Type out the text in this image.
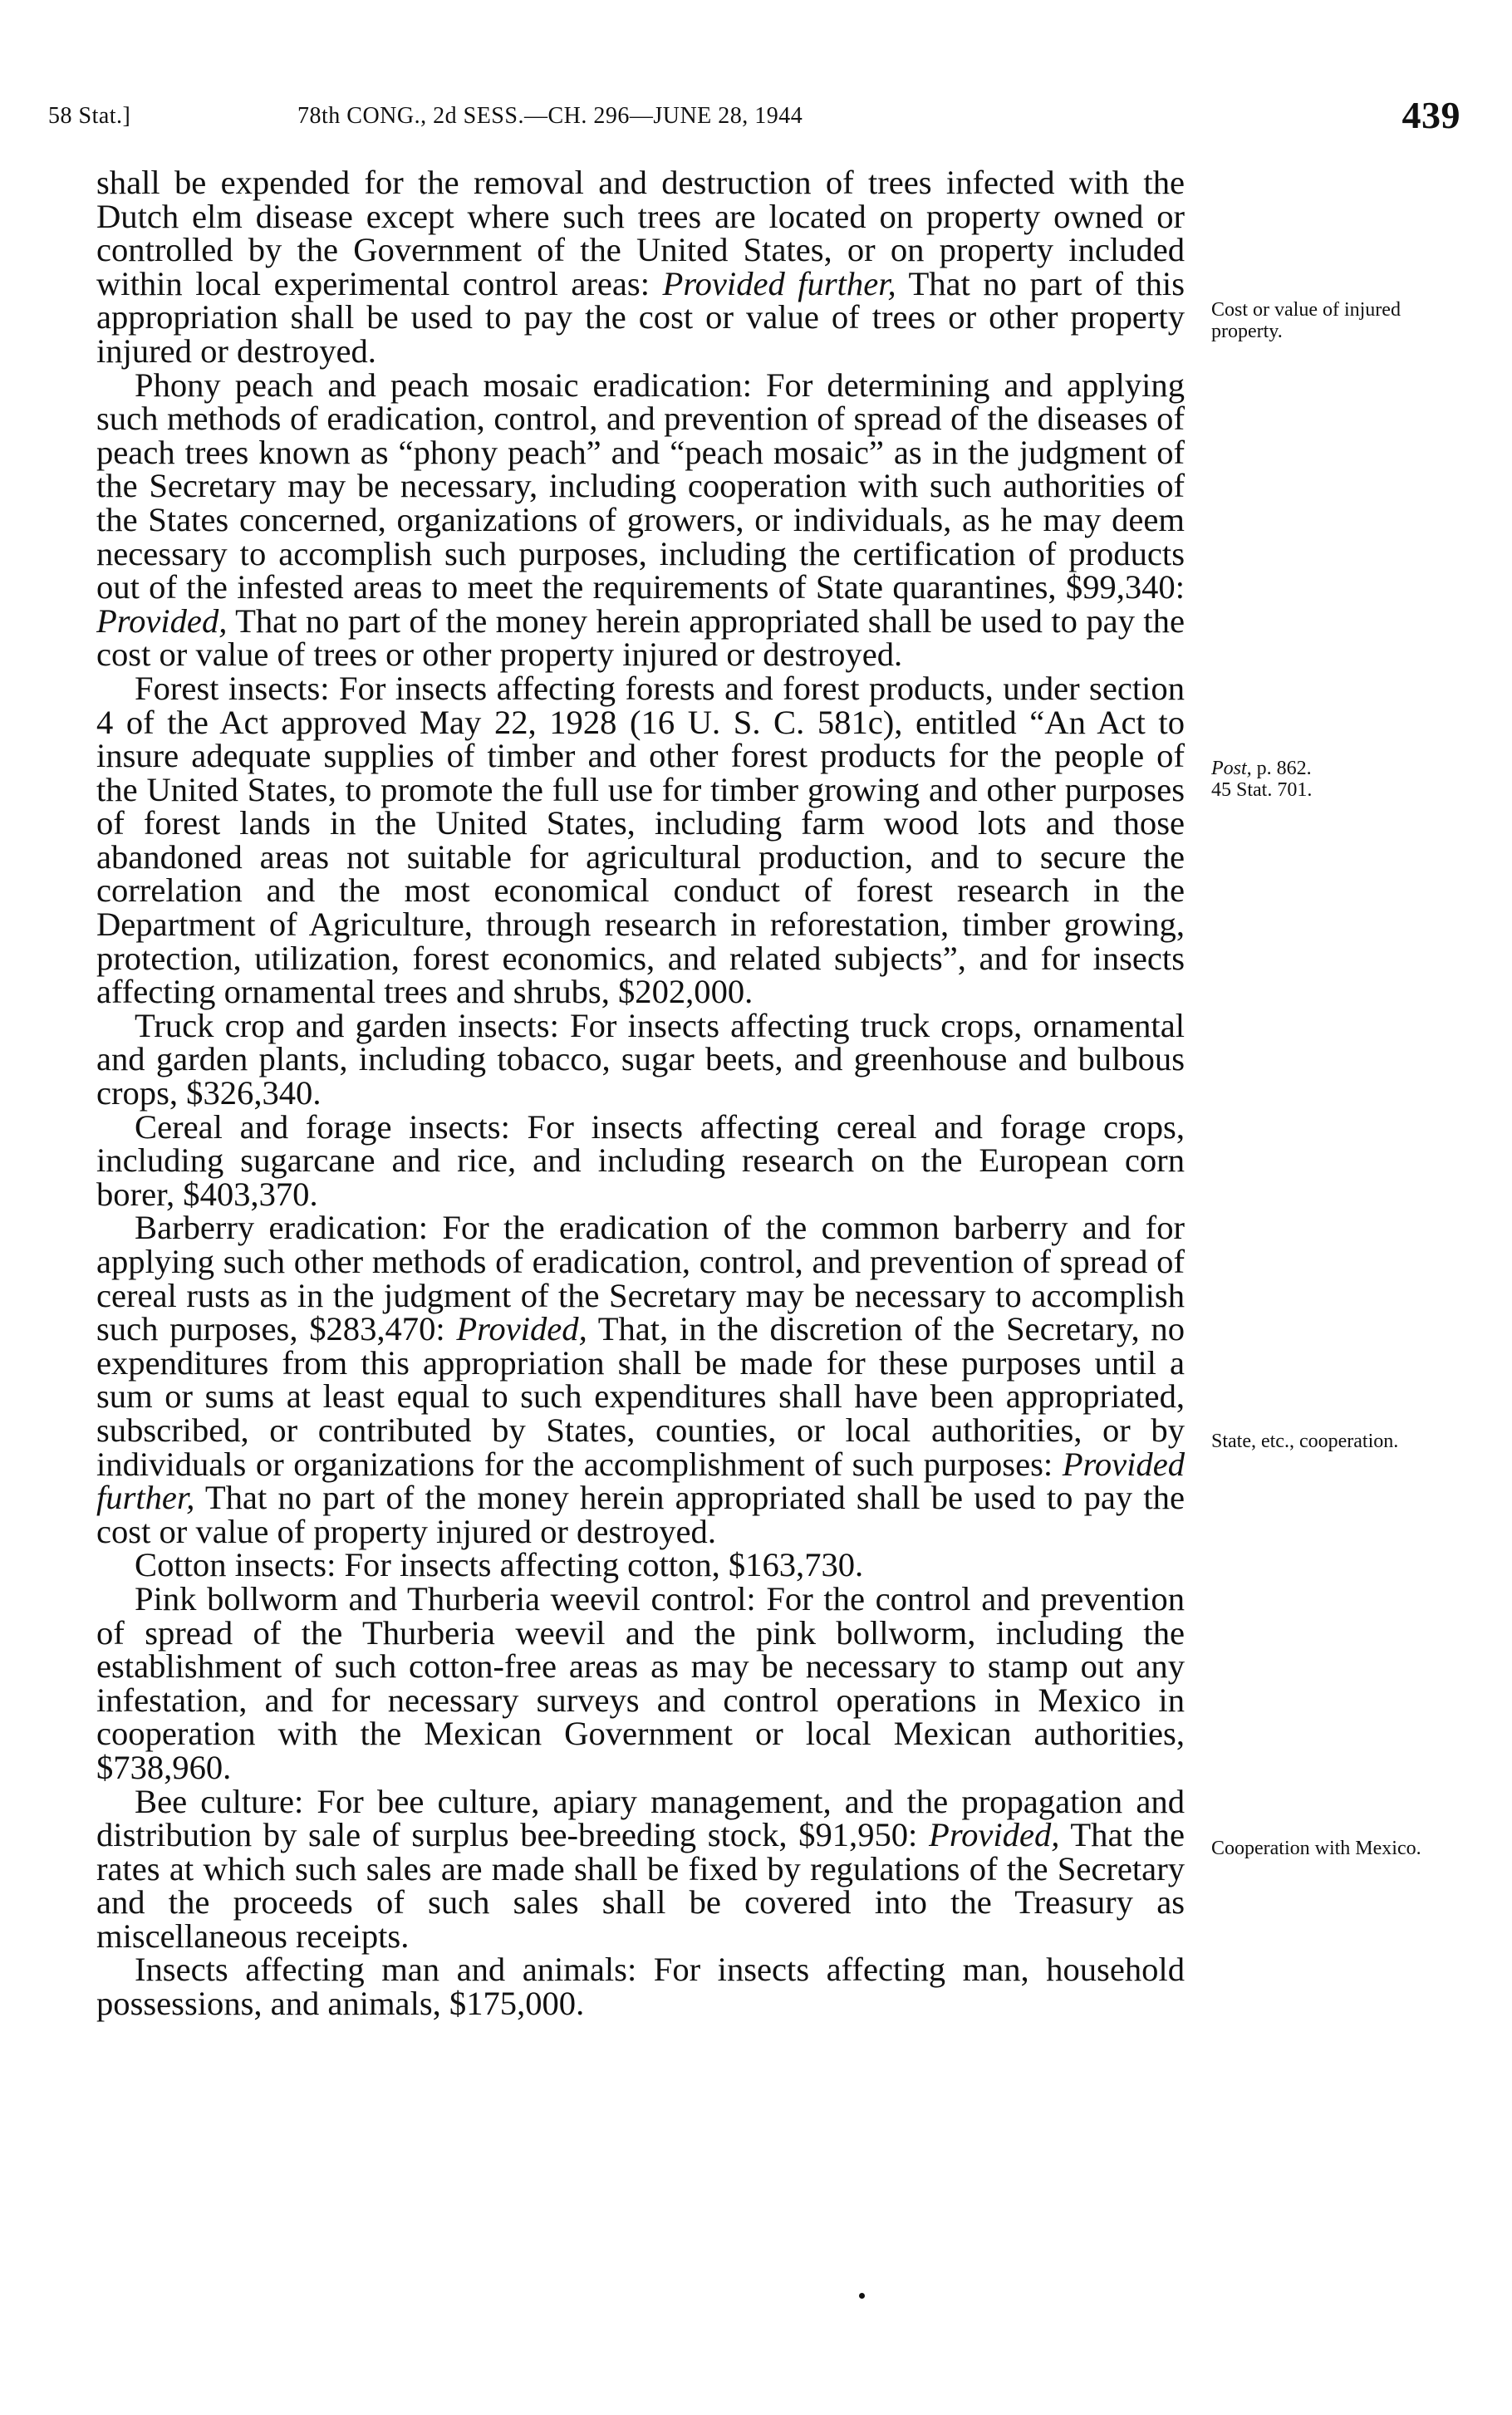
58 Stat.]	78th CONG., 2d SESS.—CH. 296—JUNE 28, 1944	439

shall be expended for the removal and destruction of trees infected with the Dutch elm disease except where such trees are located on property owned or controlled by the Government of the United States, or on property included within local experimental control areas: Provided further, That no part of this appropriation shall be used to pay the cost or value of trees or other property injured or destroyed.

Phony peach and peach mosaic eradication: For determining and applying such methods of eradication, control, and prevention of spread of the diseases of peach trees known as “phony peach” and “peach mosaic” as in the judgment of the Secretary may be necessary, including cooperation with such authorities of the States concerned, organizations of growers, or individuals, as he may deem necessary to accomplish such purposes, including the certification of products out of the infested areas to meet the requirements of State quarantines, $99,340: Provided, That no part of the money herein appropriated shall be used to pay the cost or value of trees or other property injured or destroyed.

Forest insects: For insects affecting forests and forest products, under section 4 of the Act approved May 22, 1928 (16 U. S. C. 581c), entitled “An Act to insure adequate supplies of timber and other forest products for the people of the United States, to promote the full use for timber growing and other purposes of forest lands in the United States, including farm wood lots and those abandoned areas not suitable for agricultural production, and to secure the correlation and the most economical conduct of forest research in the Department of Agriculture, through research in reforestation, timber growing, protection, utilization, forest economics, and related subjects”, and for insects affecting ornamental trees and shrubs, $202,000.

Truck crop and garden insects: For insects affecting truck crops, ornamental and garden plants, including tobacco, sugar beets, and greenhouse and bulbous crops, $326,340.

Cereal and forage insects: For insects affecting cereal and forage crops, including sugarcane and rice, and including research on the European corn borer, $403,370.

Barberry eradication: For the eradication of the common barberry and for applying such other methods of eradication, control, and prevention of spread of cereal rusts as in the judgment of the Secretary may be necessary to accomplish such purposes, $283,470: Provided, That, in the discretion of the Secretary, no expenditures from this appropriation shall be made for these purposes until a sum or sums at least equal to such expenditures shall have been appropriated, subscribed, or contributed by States, counties, or local authorities, or by individuals or organizations for the accomplishment of such purposes: Provided further, That no part of the money herein appropriated shall be used to pay the cost or value of property injured or destroyed.

Cotton insects: For insects affecting cotton, $163,730.

Pink bollworm and Thurberia weevil control: For the control and prevention of spread of the Thurberia weevil and the pink bollworm, including the establishment of such cotton-free areas as may be necessary to stamp out any infestation, and for necessary surveys and control operations in Mexico in cooperation with the Mexican Government or local Mexican authorities, $738,960.

Bee culture: For bee culture, apiary management, and the propagation and distribution by sale of surplus bee-breeding stock, $91,950: Provided, That the rates at which such sales are made shall be fixed by regulations of the Secretary and the proceeds of such sales shall be covered into the Treasury as miscellaneous receipts.

Insects affecting man and animals: For insects affecting man, household possessions, and animals, $175,000.

Cost or value of injured property.
Post, p. 862.
45 Stat. 701.
State, etc., cooperation.
Cooperation with Mexico.
